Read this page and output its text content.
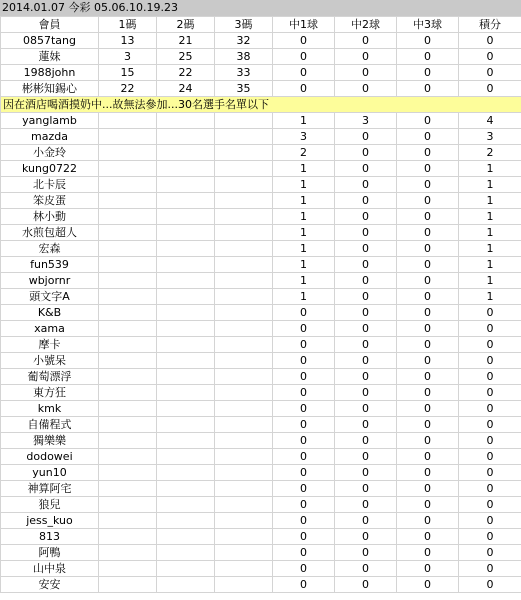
2014.01.07 今彩 05.06.10.19.23
會員	1碼	2碼	3碼	中1球	中2球	中3球	積分
0857tang	13	21	32	0	0	0	0
蓮妹	3	25	38	0	0	0	0
1988john	15	22	33	0	0	0	0
彬彬知錫心	22	24	35	0	0	0	0
因在酒店喝酒摸奶中...故無法參加...30名選手名單以下							
yanglamb				1	3	0	4
mazda				3	0	0	3
小金玲				2	0	0	2
kung0722				1	0	0	1
北卡辰				1	0	0	1
笨皮蛋				1	0	0	1
林小動				1	0	0	1
水煎包超人				1	0	0	1
宏森				1	0	0	1
fun539				1	0	0	1
wbjornr				1	0	0	1
頭文字A				1	0	0	1
K&B				0	0	0	0
xama				0	0	0	0
摩卡				0	0	0	0
小號呆				0	0	0	0
葡萄漂浮				0	0	0	0
東方狂				0	0	0	0
kmk				0	0	0	0
自備程式				0	0	0	0
獨樂樂				0	0	0	0
dodowei				0	0	0	0
yun10				0	0	0	0
神算阿宅				0	0	0	0
狼兒				0	0	0	0
jess_kuo				0	0	0	0
813				0	0	0	0
阿鴨				0	0	0	0
山中泉				0	0	0	0
安安				0	0	0	0
